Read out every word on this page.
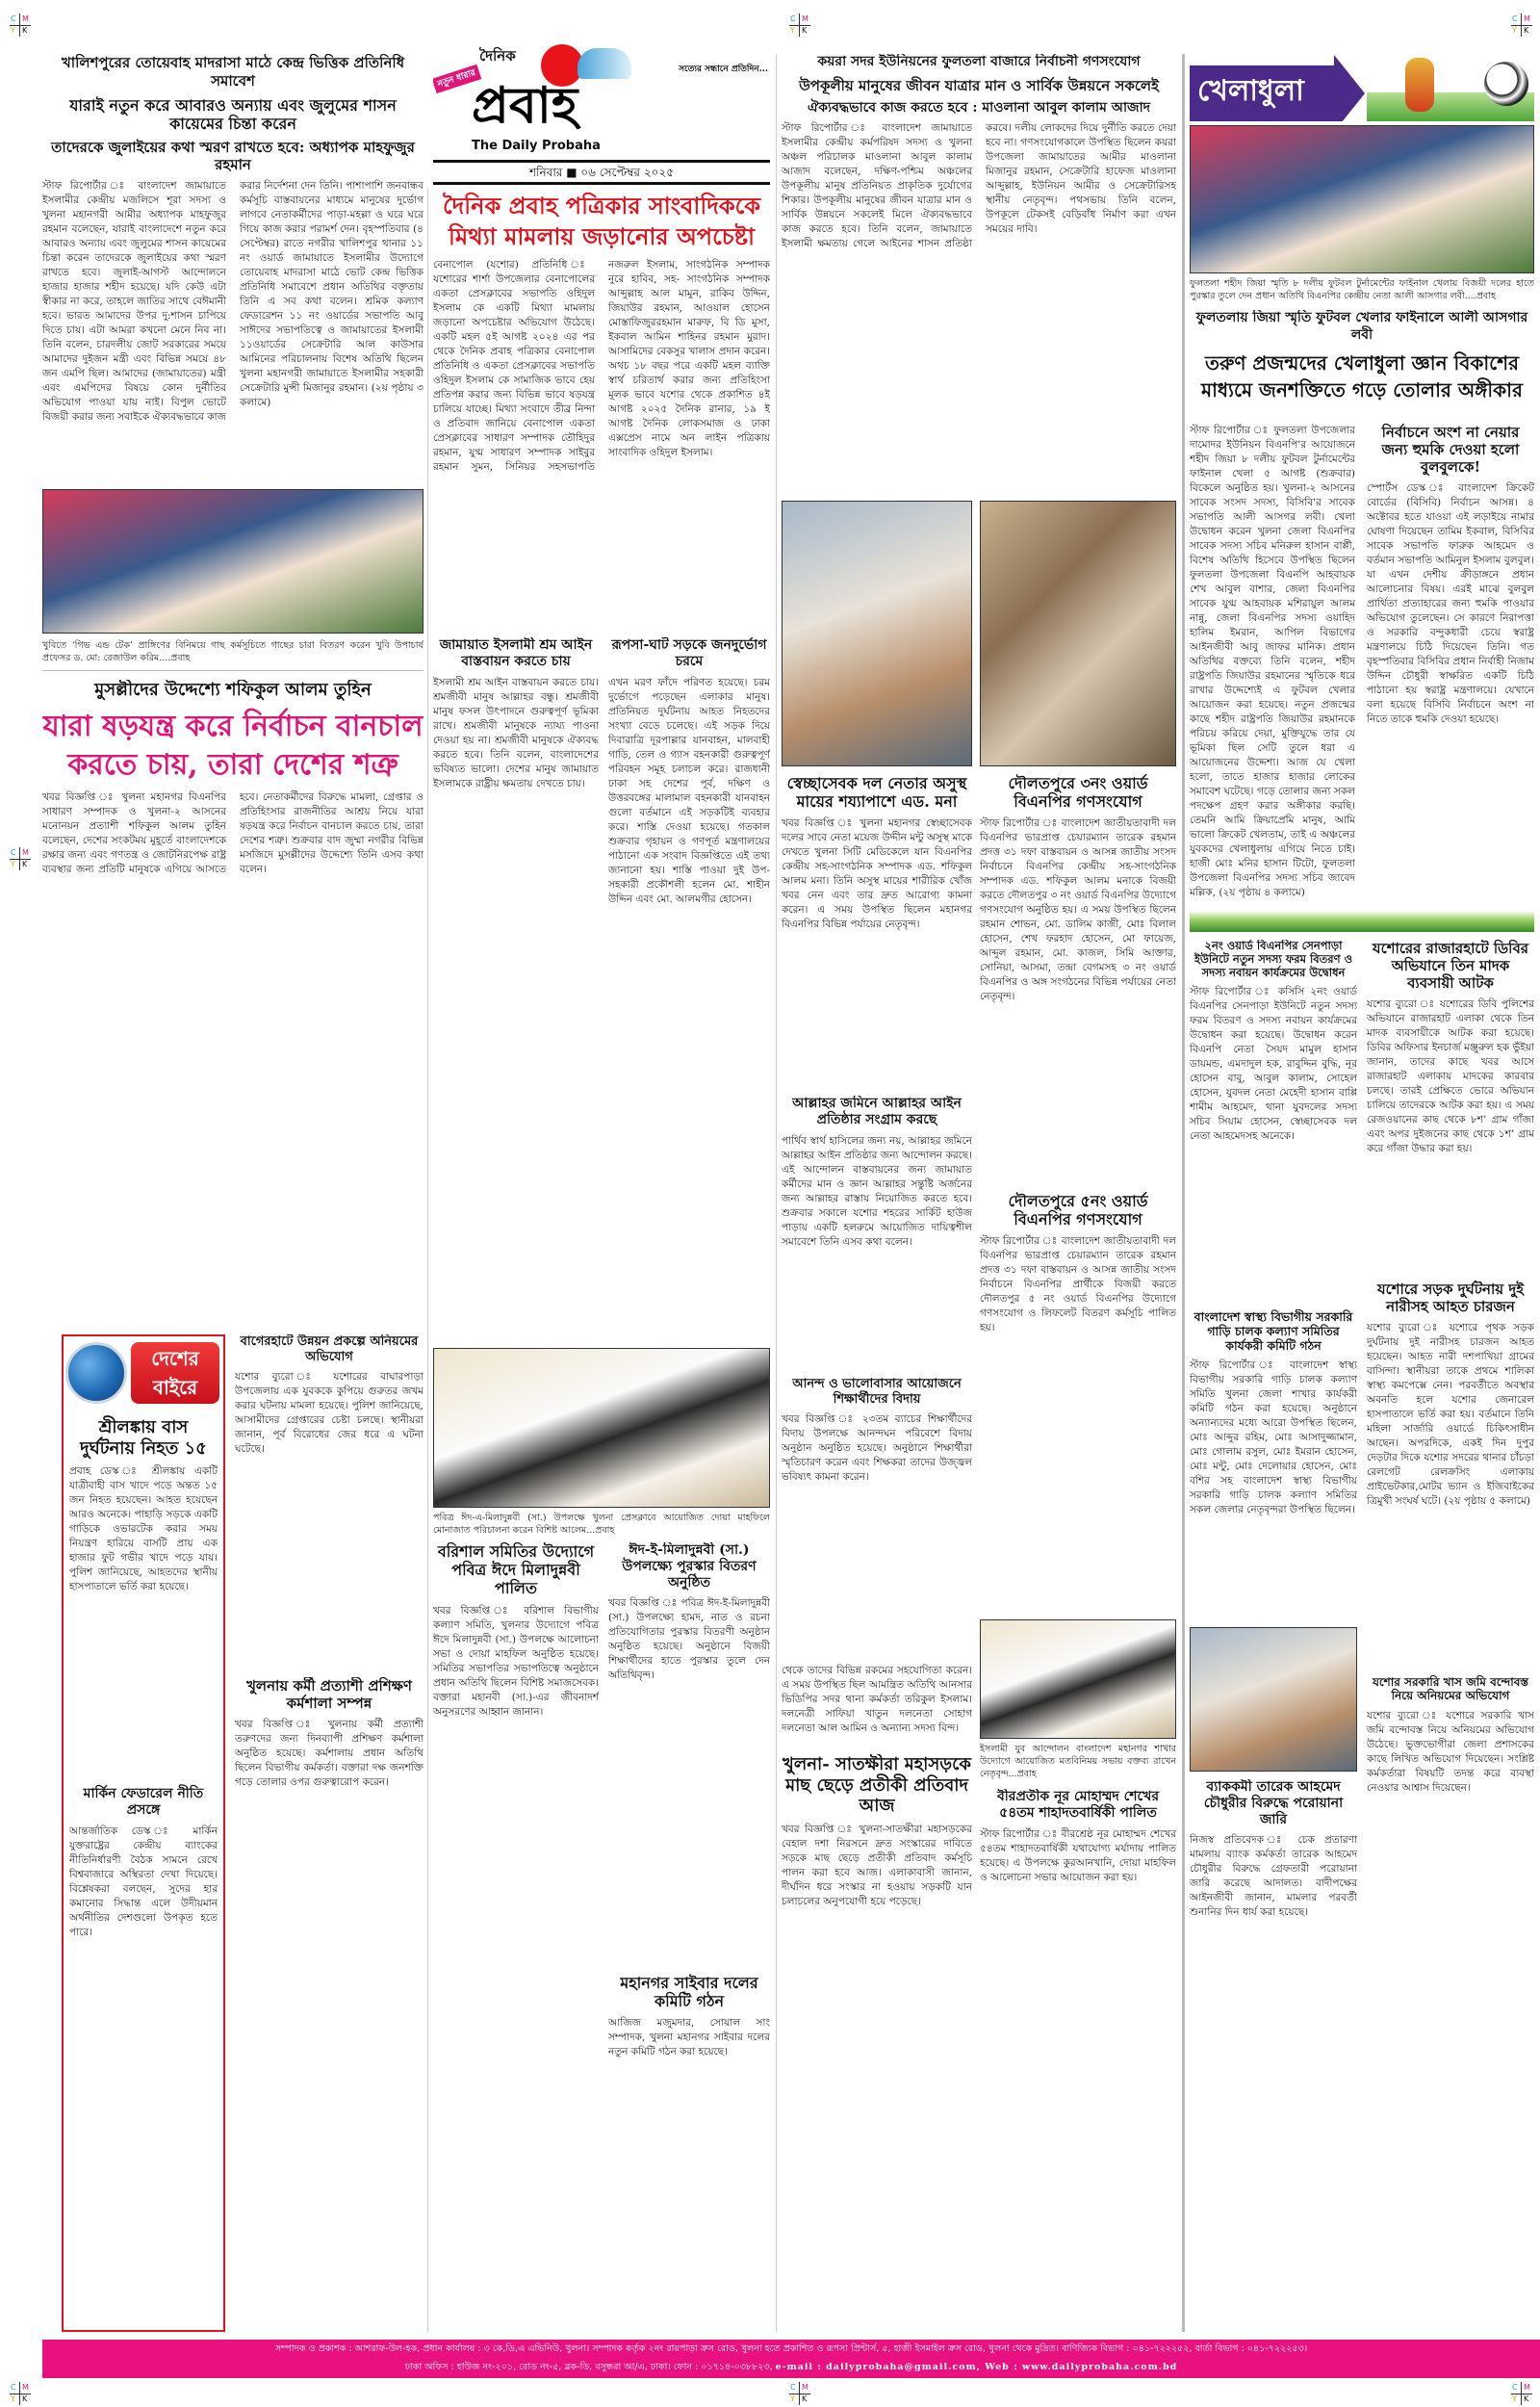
C M
Y K
C M
Y K
C M
Y K
C M
Y K
C M
Y K
C M
Y K
C M
Y K
খালিশপুরের তোয়েবাহ মাদরাসা মাঠে কেন্দ্র ভিত্তিক প্রতিনিধি সমাবেশ
যারাই নতুন করে আবারও অন্যায় এবং জুলুমের শাসন কায়েমের চিন্তা করেন
তাদেরকে জুলাইয়ের কথা স্মরণ রাখতে হবে: অধ্যাপক মাহফুজুর রহমান
স্টাফ রিপোর্টার ঃ বাংলাদেশ জামায়াতে ইসলামীর কেন্দ্রীয় মজলিসে শূরা সদস্য ও খুলনা মহানগরী আমীর অধ্যাপক মাহফুজুর রহমান বলেছেন, যারাই বাংলাদেশে নতুন করে আবারও অন্যায় এবং জুলুমের শাসন কায়েমের চিন্তা করেন তাদেরকে জুলাইয়ের কথা স্মরণ রাখতে হবে। জুলাই-আগস্ট আন্দোলনে হাজার হাজার শহীদ হয়েছে। যদি কেউ এটা স্বীকার না করে, তাহলে জাতির সাথে বেঈমানী হবে। ভারত আমাদের উপর দু:শাসন চাপিয়ে দিতে চায়। এটা আমরা কখনো মেনে নিব না। তিনি বলেন, চারদলীয় জোট সরকারের সময়ে আমাদের দুইজন মন্ত্রী এবং বিভিন্ন সময়ে ৪৮ জন এমপি ছিল। আমাদের (জামায়াতের) মন্ত্রী এবং এমপিদের বিষয়ে কোন দুর্নীতির অভিযোগ পাওয়া যায় নাই। বিপুল ভোটে বিজয়ী করার জন্য সবাইকে ঐক্যবদ্ধভাবে কাজ করার নির্দেশনা দেন তিনি। পাশাপাশি জনবান্ধব কর্মসূচি বাস্তবায়নের মাধ্যমে মানুষের দুর্ভোগ লাগবে নেতাকর্মীদের পাড়া-মহল্লা ও ঘরে ঘরে গিয়ে কাজ করার পরামর্শ দেন। বৃহস্পতিবার (৪ সেপ্টেম্বর) রাতে নগরীর খালিশপুর থানার ১১ নং ওয়ার্ড জামায়াতে ইসলামীর উদ্যোগে তোয়েবাহ মাদরাসা মাঠে ভোট কেন্দ্র ভিত্তিক প্রতিনিধি সমাবেশে প্রধান অতিথির বক্তৃতায় তিনি এ সব কথা বলেন। শ্রমিক কল্যাণ ফেডারেশন ১১ নং ওয়ার্ডের সভাপতি আবু সাঈদের সভাপতিত্বে ও জামায়াতের ইসলামী ১১ওয়ার্ডের সেক্রেটারি আল কাউসার আমিনের পরিচালনায় বিশেষ অতিথি ছিলেন খুলনা মহানগরী জামায়াতে ইসলামীর সহকারী সেক্রেটারি মুন্সী মিজানুর রহমান। (২য় পৃষ্ঠায় ৩ কলামে)
খুবিতে ‘গিভ এন্ড টেক’ প্রাঙ্গিণের বিনিময়ে গাছ কর্মসূচিতে গাছের চারা বিতরণ করেন খুবি উপাচার্য প্রফেসর ড. মো: রেজাউল করিম....প্রবাহ
মুসল্লীদের উদ্দেশ্যে শফিকুল আলম তুহিন
যারা ষড়যন্ত্র করে নির্বাচন বানচাল করতে চায়, তারা দেশের শত্রু
খবর বিজ্ঞপ্তি ঃ খুলনা মহানগর বিএনপির সাধারণ সম্পাদক ও খুলনা-২ আসনের মনোনয়ন প্রত্যাশী শফিকুল আলম তুহিন বলেছেন, দেশের সংকটময় মুহূর্তে বাংলাদেশকে রক্ষার জন্য এবং গণতন্ত্র ও জোটনিরপেক্ষ রাষ্ট্র ব্যবস্থার জন্য প্রতিটি মানুষকে এগিয়ে আসতে হবে। নেতাকর্মীদের বিরুদ্ধে মামলা, গ্রেপ্তার ও প্রতিহিংসার রাজনীতির আশ্রয় নিয়ে যারা ষড়যন্ত্র করে নির্বাচন বানচাল করতে চায়, তারা দেশের শত্রু। শুক্রবার বাদ জুম্মা নগরীর বিভিন্ন মসজিদে মুসল্লীদের উদ্দেশ্যে তিনি এসব কথা বলেন।
দেশের
বাইরে
শ্রীলঙ্কায় বাস দুর্ঘটনায় নিহত ১৫
প্রবাহ ডেস্ক ঃ শ্রীলঙ্কায় একটি যাত্রীবাহী বাস খাদে পড়ে অন্তত ১৫ জন নিহত হয়েছেন। আহত হয়েছেন আরও অনেকে। পাহাড়ি সড়কে একটি গাড়িকে ওভারটেক করার সময় নিয়ন্ত্রণ হারিয়ে বাসটি প্রায় এক হাজার ফুট গভীর খাদে পড়ে যায়। পুলিশ জানিয়েছে, আহতদের স্থানীয় হাসপাতালে ভর্তি করা হয়েছে।
মার্কিন ফেডারেল নীতি প্রসঙ্গে
আন্তর্জাতিক ডেস্ক ঃ মার্কিন যুক্তরাষ্ট্রের কেন্দ্রীয় ব্যাংকের নীতিনির্ধারণী বৈঠক সামনে রেখে বিশ্ববাজারে অস্থিরতা দেখা দিয়েছে। বিশ্লেষকরা বলছেন, সুদের হার কমানোর সিদ্ধান্ত এলে উদীয়মান অর্থনীতির দেশগুলো উপকৃত হতে পারে।
বাগেরহাটে উন্নয়ন প্রকল্পে অনিয়মের অভিযোগ
যশোর ব্যুরো ঃ যশোরের বাঘারপাড়া উপজেলায় এক যুবককে কুপিয়ে গুরুতর জখম করার ঘটনায় মামলা হয়েছে। পুলিশ জানিয়েছে, আসামীদের গ্রেপ্তারের চেষ্টা চলছে। স্থানীয়রা জানান, পূর্ব বিরোধের জের ধরে এ ঘটনা ঘটেছে।
খুলনায় কর্মী প্রত্যাশী প্রশিক্ষণ কর্মশালা সম্পন্ন
খবর বিজ্ঞপ্তি ঃ খুলনায় কর্মী প্রত্যাশী তরুণদের জন্য দিনব্যাপী প্রশিক্ষণ কর্মশালা অনুষ্ঠিত হয়েছে। কর্মশালায় প্রধান অতিথি ছিলেন বিভাগীয় কর্মকর্তা। বক্তারা দক্ষ জনশক্তি গড়ে তোলার ওপর গুরুত্বারোপ করেন।
নতুন ধারার
দৈনিক
সত্যের সন্ধানে প্রতিদিন...
প্রবাহ
The Daily Probaha
শনিবার ■ ০৬ সেপ্টেম্বর ২০২৫
দৈনিক প্রবাহ পত্রিকার সাংবাদিককে মিথ্যা মামলায় জড়ানোর অপচেষ্টা
বেনাপোল (যশোর) প্রতিনিধি ঃ যশোরের শার্শা উপজেলার বেনাপোলের একতা প্রেসক্লাবের সভাপতি ওহিদুল ইসলাম কে একটি মিথ্যা মামলায় জড়ানো অপচেষ্টার অভিযোগ উঠেছে। একটি মহল ৫ই আগষ্ট ২০২৪ এর পর থেকে দৈনিক প্রবাহ পত্রিকার বেনাপোল প্রতিনিধি ও একতা প্রেসক্লাবের সভাপতি ওহিদুল ইসলাম কে সামাজিক ভাবে হেয় প্রতিপন্ন করার জন্য বিভিন্ন ভাবে ষড়যন্ত্র চালিয়ে যাচ্ছে। মিথ্যা সংবাদে তীব্র নিন্দা ও প্রতিবাদ জানিয়ে বেনাপোল একতা প্রেসক্লাবের সাধারণ সম্পাদক তৌহিদুর রহমান, যুগ্ম সাধারণ সম্পাদক সাইবুর রহমান সুমন, সিনিয়র সহসভাপতি নজরুল ইসলাম, সাংগঠনিক সম্পাদক নুরে হাবিব, সহ- সাংগঠনিক সম্পাদক আব্দুল্লাহ আল মামুন, রাকিব উদ্দিন, জিয়াউর রহমান, আওয়াল হোসেন মোস্তাফিজুররহমান মারুফ, বি ডি মুসা, ইকবাল আমিন শাহিনর রহমান মুরাদ। আসামিদের বেকসুর খালাস প্রদান করেন। অথচ ১৮ বছর পরে একটি মহল ব্যাক্তি স্বার্থ চরিতার্থ করার জন্য প্রতিহিংসা মূলক ভাবে যশোর থেকে প্রকাশিত ৪ই আগষ্ট ২০২৫ দৈনিক রানার, ১৯ ই আগষ্ট দৈনিক লোকসমাজ ও ঢাকা এক্সপ্রেস নামে অন লাইন পত্রিকায় সাংবাদিক ওহিদুল ইসলাম।
জামায়াত ইসলামী শ্রম আইন বাস্তবায়ন করতে চায়
ইসলামী শ্রম আইন বাস্তবায়ন করতে চায়। শ্রমজীবী মানুষ আল্লাহর বন্ধু। শ্রমজীবী মানুষ ফসল উৎপাদনে গুরুত্বপূর্ণ ভূমিকা রাখে। শ্রমজীবী মানুষকে ন্যায্য পাওনা দেওয়া হয় না। শ্রমজীবী মানুষকে ঐক্যবদ্ধ করতে হবে। তিনি বলেন, বাংলাদেশের ভবিষ্যত ভালো। দেশের মানুষ জামায়াত ইসলামকে রাষ্ট্রীয় ক্ষমতায় দেখতে চায়।
রূপসা-ঘাট সড়কে জনদুর্ভোগ চরমে
এখন মরণ ফাঁদে পরিণত হয়েছে। চরম দুর্ভোগে পড়েছেন এলাকার মানুষ। প্রতিনিয়ত দুর্ঘটনায় আহত নিহতদের সংখ্যা বেড়ে চলেছে। এই সড়ক দিয়ে দিবারাত্রি দূরপাল্লার যানবাহন, মালবাহী গাড়ি, তেল ও গ্যাস বহনকারী গুরুত্বপূর্ণ পরিবহন সমূহ চলাচল করে। রাজধানী ঢাকা সহ দেশের পূর্ব, দক্ষিণ ও উত্তরবঙ্গের মালামাল বহনকারী যানবাহন গুলো বর্তমানে এই সড়কটিই ব্যবহার করে। শাস্তি দেওয়া হয়েছে। গতকাল শুক্রবার গৃহায়ন ও গণপূর্ত মন্ত্রণালয়ের পাঠানো এক সংবাদ বিজ্ঞপ্তিতে এই তথ্য জানানো হয়। শাস্তি পাওয়া দুই উপ-সহকারী প্রকৌশলী হলেন মো. শাহীন উদ্দিন এবং মো. আলমগীর হোসেন।
পবিত্র ঈদ-এ-মিলাদুন্নবী (সা.) উপলক্ষে খুলনা প্রেসক্লাবে আয়োজিত দোয়া মাহফিলে মোনাজাত পরিচালনা করেন বিশিষ্ট আলেম...প্রবাহ
বরিশাল সমিতির উদ্যোগে পবিত্র ঈদে মিলাদুন্নবী পালিত
খবর বিজ্ঞপ্তি ঃ বরিশাল বিভাগীয় কল্যাণ সমিতি, খুলনার উদ্যোগে পবিত্র ঈদে মিলাদুন্নবী (সা.) উপলক্ষে আলোচনা সভা ও দোয়া মাহফিল অনুষ্ঠিত হয়েছে। সমিতির সভাপতির সভাপতিত্বে অনুষ্ঠানে প্রধান অতিথি ছিলেন বিশিষ্ট সমাজসেবক। বক্তারা মহানবী (সা.)-এর জীবনাদর্শ অনুসরণের আহ্বান জানান।
ঈদ-ই-মিলাদুন্নবী (সা.) উপলক্ষ্যে পুরস্কার বিতরণ অনুষ্ঠিত
খবর বিজ্ঞপ্তি ঃ পবিত্র ঈদ-ই-মিলাদুন্নবী (সা.) উপলক্ষ্যে হামদ, নাত ও রচনা প্রতিযোগিতার পুরস্কার বিতরণী অনুষ্ঠান অনুষ্ঠিত হয়েছে। অনুষ্ঠানে বিজয়ী শিক্ষার্থীদের হাতে পুরস্কার তুলে দেন অতিথিবৃন্দ।
মহানগর সাইবার দলের কমিটি গঠন
আজিজ মজুমদার, সোয়াল সাং সম্পাদক, খুলনা মহানগর সাইবার দলের নতুন কমিটি গঠন করা হয়েছে।
কয়রা সদর ইউনিয়নের ফুলতলা বাজারে নির্বাচনী গণসংযোগ
উপকূলীয় মানুষের জীবন যাত্রার মান ও সার্বিক উন্নয়নে সকলেই
ঐক্যবদ্ধভাবে কাজ করতে হবে : মাওলানা আবুল কালাম আজাদ
স্টাফ রিপোর্টার ঃ বাংলাদেশ জামায়াতে ইসলামীর কেন্দ্রীয় কর্মপরিষদ সদস্য ও খুলনা অঞ্চল পরিচালক মাওলানা আবুল কালাম আজাদ বলেছেন, দক্ষিণ-পশ্চিম অঞ্চলের উপকূলীয় মানুষ প্রতিনিয়ত প্রাকৃতিক দুর্যোগের শিকার। উপকূলীয় মানুষের জীবন যাত্রার মান ও সার্বিক উন্নয়নে সকলেই মিলে ঐক্যবদ্ধভাবে কাজ করতে হবে। তিনি বলেন, জামায়াতে ইসলামী ক্ষমতায় গেলে আইনের শাসন প্রতিষ্ঠা করবে। দলীয় লোকদের দিয়ে দুর্নীতি করতে দেয়া হবে না। গণসংযোগকালে উপস্থিত ছিলেন কয়রা উপজেলা জামায়াতের আমীর মাওলানা মিজানুর রহমান, সেক্রেটারি হাফেজ মাওলানা আব্দুল্লাহ, ইউনিয়ন আমীর ও সেক্রেটারিসহ স্থানীয় নেতৃবৃন্দ। পথসভায় তিনি বলেন, উপকূলে টেকসই বেড়িবাঁধ নির্মাণ করা এখন সময়ের দাবি।
স্বেচ্ছাসেবক দল নেতার অসুস্থ মায়ের শয্যাপাশে এড. মনা
খবর বিজ্ঞপ্তি ঃ খুলনা মহানগর স্বেচ্ছাসেবক দলের সাবে নেতা ময়েজ উদ্দীন মন্টু অসুস্থ মাকে দেখতে খুলনা সিটি মেডিকেলে যান বিএনপির কেন্দ্রীয় সহ-সাংগঠনিক সম্পাদক এড. শফিকুল আলম মনা। তিনি অসুস্থ মায়ের শারীরিক খোঁজ খবর নেন এবং তার দ্রুত আরোগ্য কামনা করেন। এ সময় উপস্থিত ছিলেন মহানগর বিএনপির বিভিন্ন পর্যায়ের নেতৃবৃন্দ।
আল্লাহর জমিনে আল্লাহর আইন প্রতিষ্ঠার সংগ্রাম করছে
পার্থিব স্বার্থ হাসিলের জন্য নয়, আল্লাহর জমিনে আল্লাহর আইন প্রতিষ্ঠার জন্য আন্দোলন করছে। এই আন্দোলন বাস্তবায়নের জন্য জামায়াত কর্মীদের মান ও জ্ঞান আল্লাহর সন্তুষ্টি অর্জনের জন্য আল্লাহর রাস্তায় নিয়োজিত করতে হবে। শুক্রবার সকালে যশোর শহরের সার্কিট হাউজ পাড়ায় একটি হলরুমে আয়োজিত দায়িত্বশীল সমাবেশে তিনি এসব কথা বলেন।
আনন্দ ও ভালোবাসার আয়োজনে শিক্ষার্থীদের বিদায়
খবর বিজ্ঞপ্তি ঃ ২৩তম ব্যাচের শিক্ষার্থীদের বিদায় উপলক্ষে আনন্দঘন পরিবেশে বিদায় অনুষ্ঠান অনুষ্ঠিত হয়েছে। অনুষ্ঠানে শিক্ষার্থীরা স্মৃতিচারণ করেন এবং শিক্ষকরা তাদের উজ্জ্বল ভবিষ্যৎ কামনা করেন।
থেকে তাদের বিভিন্ন রকমের সহযোগিতা করেন। এ সময় উপস্থিত ছিল আমন্ত্রিত অতিথি আনসার ভিডিপির সদর থানা কর্মকর্তা তরিকুল ইসলাম। দলনেত্রী সাফিয়া খাতুন দলনেতা সোহাগ দলনেতা আল আমিন ও অন্যান্য সদস্য বিন্দ।
খুলনা- সাতক্ষীরা মহাসড়কে মাছ ছেড়ে প্রতীকী প্রতিবাদ আজ
খবর বিজ্ঞপ্তি ঃ খুলনা-সাতক্ষীরা মহাসড়কের বেহাল দশা নিরসনে দ্রুত সংস্কারের দাবিতে সড়কে মাছ ছেড়ে প্রতীকী প্রতিবাদ কর্মসূচি পালন করা হবে আজ। এলাকাবাসী জানান, দীর্ঘদিন ধরে সংস্কার না হওয়ায় সড়কটি যান চলাচলের অনুপযোগী হয়ে পড়েছে।
দৌলতপুরে ৩নং ওয়ার্ড বিএনপির গণসংযোগ
স্টাফ রিপোর্টার ঃ বাংলাদেশ জাতীয়তাবাদী দল বিএনপির ভারপ্রাপ্ত চেয়ারম্যান তারেক রহমান প্রদত্ত ৩১ দফা বাস্তবায়ন ও আসন্ন জাতীয় সংসদ নির্বাচনে বিএনপির কেন্দ্রীয় সহ-সাংগঠনিক সম্পাদক এড. শফিকুল আলম মনাকে বিজয়ী করতে দৌলতপুর ৩ নং ওয়ার্ড বিএনপির উদ্যোগে গণসংযোগ অনুষ্ঠিত হয়। এ সময় উপস্থিত ছিলেন রহমান শোভন, মো. ডালিম কাজী, মোঃ বিলাল হোসেন, শেখ ফরহাদ হোসেন, মো ফায়েজ, আব্দুল রহমান, মো. কাজল, সিমি আক্তার, সোনিয়া, আসমা, তন্দ্রা বেগমসহ ৩ নং ওয়ার্ড বিএনপির ও অঙ্গ সংগঠনের বিভিন্ন পর্যায়ের নেতা নেতৃবৃন্দ।
দৌলতপুরে ৫নং ওয়ার্ড বিএনপির গণসংযোগ
স্টাফ রিপোর্টার ঃ বাংলাদেশ জাতীয়তাবাদী দল বিএনপির ভারপ্রাপ্ত চেয়ারম্যান তারেক রহমান প্রদত্ত ৩১ দফা বাস্তবায়ন ও আসন্ন জাতীয় সংসদ নির্বাচনে বিএনপির প্রার্থীকে বিজয়ী করতে দৌলতপুর ৫ নং ওয়ার্ড বিএনপির উদ্যোগে গণসংযোগ ও লিফলেট বিতরণ কর্মসূচি পালিত হয়।
ইসলামী যুব আন্দোলন বাংলাদেশ মহানগর শাখার উদ্যোগে আয়োজিত মতবিনিময় সভায় বক্তব্য রাখেন নেতৃবৃন্দ...প্রবাহ
বীরপ্রতীক নূর মোহাম্মদ শেখের ৫৪তম শাহাদতবার্ষিকী পালিত
স্টাফ রিপোর্টার ঃ বীরশ্রেষ্ঠ নূর মোহাম্মদ শেখের ৫৪তম শাহাদতবার্ষিকী যথাযোগ্য মর্যাদায় পালিত হয়েছে। এ উপলক্ষে কুরআনখানি, দোয়া মাহফিল ও আলোচনা সভার আয়োজন করা হয়।
খেলাধুলা
ফুলতলা শহীদ জিয়া স্মৃতি ৮ দলীয় ফুটবল টুর্নামেন্টের ফাইনাল খেলায় বিজয়ী দলের হাতে পুরস্কার তুলে দেন প্রধান অতিথি বিএনপির কেন্দ্রীয় নেতা আলী আসগার লবী....প্রবাহ
ফুলতলায় জিয়া স্মৃতি ফুটবল খেলার ফাইনালে আলী আসগার লবী
তরুণ প্রজন্মদের খেলাধুলা জ্ঞান বিকাশের মাধ্যমে জনশক্তিতে গড়ে তোলার অঙ্গীকার
স্টাফ রিপোর্টার ঃ ফুলতলা উপজেলার দামোদর ইউনিয়ন বিএনপি'র আয়োজনে শহীদ জিয়া ৮ দলীয় ফুটবল টুর্নামেন্টের ফাইনাল খেলা ৫ আগষ্ট (শুক্রবার) বিকেলে অনুষ্ঠিত হয়। খুলনা-২ আসনের সাবেক সংসদ সদস্য, বিসিবি'র সাবেক সভাপতি আলী আসগর লবী। খেলা উদ্বোধন করেন খুলনা জেলা বিএনপির সাবেক সদস্য সচিব মনিরুল হাসান বাপ্পী, বিশেষ অতিথি হিসেবে উপস্থিত ছিলেন ফুলতলা উপজেলা বিএনপি আহবায়ক শেখ আবুল বাশার, জেলা বিএনপির সাবেক যুগ্ম আহবায়ক মশিরায়ুল আলম নান্নু, জেলা বিএনপির সদস্য ওয়াহিদ হালিম ইমরান, আপিল বিভাগের আইনজীবী আবু জাফর মানিক। প্রধান অতিথির বক্তব্যে তিনি বলেন, শহীদ রাষ্ট্রপতি জিয়াউর রহমানের স্মৃতিকে ধরে রাখার উদ্দেশ্যেই এ ফুটবল খেলার আয়োজন করা হয়েছে। নতুন প্রজন্মের কাছে শহীদ রাষ্ট্রপতি জিয়াউর রহমানকে পরিচয় করিয়ে দেয়া, মুক্তিযুদ্ধে তার যে ভূমিকা ছিল সেটি তুলে ধরা এ আয়োজনের উদ্দেশ্য। আজ যে খেলা হলো, তাতে হাজার হাজার লোকের সমাবেশ ঘটেছে। গড়ে তোলার জন্য সকল পদক্ষেপ গ্রহণ করার অঙ্গীকার করছি। তেমনি আমি ক্রিয়াপ্রেমি মানুষ, আমি ভালো ক্রিকেট খেলতাম, তাই এ অঞ্চলের যুবকদের খেলাধুলায় এগিয়ে নিতে চাই। হাজী মোঃ মনির হাসান টিটো, ফুলতলা উপজেলা বিএনপির সদস্য সচিব জাবেদ মল্লিক, (২য় পৃষ্ঠায় ৪ কলামে)
নির্বাচনে অংশ না নেয়ার জন্য হুমকি দেওয়া হলো বুলবুলকে!
স্পোর্টস ডেস্ক ঃ বাংলাদেশ ক্রিকেট বোর্ডের (বিসিবি) নির্বাচন আসন্ন। ৪ অক্টোবর হতে যাওয়া এই লড়াইয়ে নামার ঘোষণা দিয়েছেন তামিম ইকবাল, বিসিবির সাবেক সভাপতি ফারুক আহমেদ ও বর্তমান সভাপতি আমিনুল ইসলাম বুলবুল। যা এখন দেশীয় ক্রীড়াঙ্গনে প্রধান আলোচনার বিষয়। এরই মাঝে বুলবুল প্রার্থিতা প্রত্যাহারের জন্য হুমকি পাওয়ার অভিযোগ তুলেছেন। সে কারণে নিরাপত্তা ও সরকারি বন্দুকধারী চেয়ে স্বরাষ্ট্র মন্ত্রণালয়ে চিঠি দিয়েছেন তিনি। গত বৃহস্পতিবার বিসিবির প্রধান নির্বাহী নিজাম উদ্দিন চৌধুরী স্বাক্ষরিত একটি চিঠি পাঠানো হয় স্বরাষ্ট্র মন্ত্রণালয়ে। যেখানে বলা হয়েছে বিসিবি নির্বাচনে অংশ না নিতে তাকে হুমকি দেওয়া হয়েছে।
২নং ওয়ার্ড বিএনপির সেনপাড়া ইউনিটে নতুন সদস্য ফরম বিতরণ ও সদস্য নবায়ন কার্যক্রমের উদ্বোধন
স্টাফ রিপোর্টার ঃ কসিসি ২নং ওয়ার্ড বিএনপির সেনপাড়া ইউনিটে নতুন সদস্য ফরম বিতরণ ও সদস্য নবায়ন কার্যক্রমের উদ্বোধন করা হয়েছে। উদ্বোধন করেন বিএনপি নেতা সৈয়দ মামুল হাসান ডায়মন্ড, এমদাদুল হক, রাবুদ্দিন বুদ্ধি, নূর হোসেন বাবু, আবুল কালাম, সোহেল হোসেন, যুবদল নেতা মেহেদী হাসান বাপ্পি শামীম আহমেদ, থানা যুবদলের সদস্য সচিব সিয়াম হোসেন, স্বেচ্ছাসেবক দল নেতা আহমেদসহ অনেকে।
যশোরের রাজারহাটে ডিবির অভিযানে তিন মাদক ব্যবসায়ী আটক
যশোর ব্যুরো ঃ যশোরের ডিবি পুলিশের অভিযানে রাজারহাট এলাকা থেকে তিন মাদক ব্যবসায়ীকে আটক করা হয়েছে। ডিবির অফিসার ইনচার্জ মঞ্জুরুল হক ভুঁইয়া জানান, তাদের কাছে খবর আসে রাজারহাট এলাকায় মাদকের কারবার চলছে। তারই প্রেক্ষিতে ভোরে অভিযান চালিয়ে তাদেরকে আটক করা হয়। এ সময় রেজওয়ানের কাছ থেকে ৮শ’ গ্রাম গাঁজা এবং অপর দুইজনের কাছ থেকে ১শ’ গ্রাম করে গাঁজা উদ্ধার করা হয়।
বাংলাদেশ স্বাস্থ্য বিভাগীয় সরকারি গাড়ি চালক কল্যাণ সমিতির কার্যকরী কমিটি গঠন
স্টাফ রিপোর্টার ঃ বাংলাদেশ স্বাস্থ্য বিভাগীয় সরকারি গাড়ি চালক কল্যাণ সমিতি খুলনা জেলা শাখার কার্যকরী কমিটি গঠন করা হয়েছে। অনুষ্ঠানে অন্যান্যদের মধ্যে আরো উপস্থিত ছিলেন, মোঃ আব্দুর রহিম, মোঃ আসাদুজ্জামান, মোঃ গোলাম রসুল, মোঃ ইমরান হোসেন, মোঃ মন্টু, মোঃ দেলোয়ার হোসেন, মোঃ বশির সহ বাংলাদেশ স্বাস্থ্য বিভাগীয় সরকারি গাড়ি চালক কল্যাণ সমিতির সকল জেলার নেতৃবৃন্দরা উপস্থিত ছিলেন।
যশোরে সড়ক দুর্ঘটনায় দুই নারীসহ আহত চারজন
যশোর ব্যুরো ঃ যশোরে পৃথক সড়ক দুর্ঘটনায় দুই নারীসহ চারজন আহত হয়েছেন। আহত নারী দশপাখিয়া গ্রামের বাসিন্দা। স্থানীয়রা তাকে প্রথমে শালিকা স্বাস্থ্য কমপেক্সে নেন। পরবর্তীতে অবস্থার অবনতি হলে যশোর জেনারেল হাসপাতালে ভর্তি করা হয়। বর্তমানে তিনি মহিলা সার্জারি ওয়ার্ডে চিকিৎসাধীন আছেন। অপরদিকে, একই দিন দুপুর দেড়টার দিকে যশোর সদরের থানার চাঁচড়া রেলগেট রেলক্রসিং এলাকায় প্রাইভেটকার,মোটর ভ্যান ও ইজিবাইকের ত্রিমুখী সংঘর্ষ ঘটে। (২য় পৃষ্ঠায় ৫ কলামে)
যশোর সরকারি খাস জমি বন্দোবস্ত নিয়ে অনিয়মের অভিযোগ
যশোর ব্যুরো ঃ যশোরে সরকারি খাস জমি বন্দোবস্ত নিয়ে অনিয়মের অভিযোগ উঠেছে। ভুক্তভোগীরা জেলা প্রশাসকের কাছে লিখিত অভিযোগ দিয়েছেন। সংশ্লিষ্ট কর্মকর্তারা বিষয়টি তদন্ত করে ব্যবস্থা নেওয়ার আশ্বাস দিয়েছেন।
ব্যাককমী তারেক আহমেদ চৌধুরীর বিরুদ্ধে পরোয়ানা জারি
নিজস্ব প্রতিবেদক ঃ চেক প্রতারণা মামলায় ব্যাংক কর্মকর্তা তারেক আহমেদ চৌধুরীর বিরুদ্ধে গ্রেফতারী পরোয়ানা জারি করেছে আদালত। বাদীপক্ষের আইনজীবী জানান, মামলার পরবর্তী শুনানির দিন ধার্য করা হয়েছে।
সম্পাদক ও প্রকাশক : আশরাফ-উল-হক, প্রধান কার্যালয় : ৩ কে,ডি,এ এভিনিউ, খুলনা। সম্পাদক কর্তৃক ২নং রায়পাড়া ক্রস রোড, খুলনা হতে প্রকাশিত ও রূপসা প্রিন্টার্স, ৫, হাজী ইসমাইল ক্রস রোড, খুলনা থেকে মুদ্রিত। বাণিজ্যিক বিভাগ : ০৪১-৭২২২৫২, বার্তা বিভাগ : ০৪১-৭২২২৫৩।
ঢাকা অফিস : হাউজ নং-২০১, রোড নং-৫, ব্লক-ডি, বসুন্ধরা আ/এ, ঢাকা। ফোন : ০১৭১৪-০৩৮৮২৩, e-mail : dailyprobaha@gmail.com, Web : www.dailyprobaha.com.bd
